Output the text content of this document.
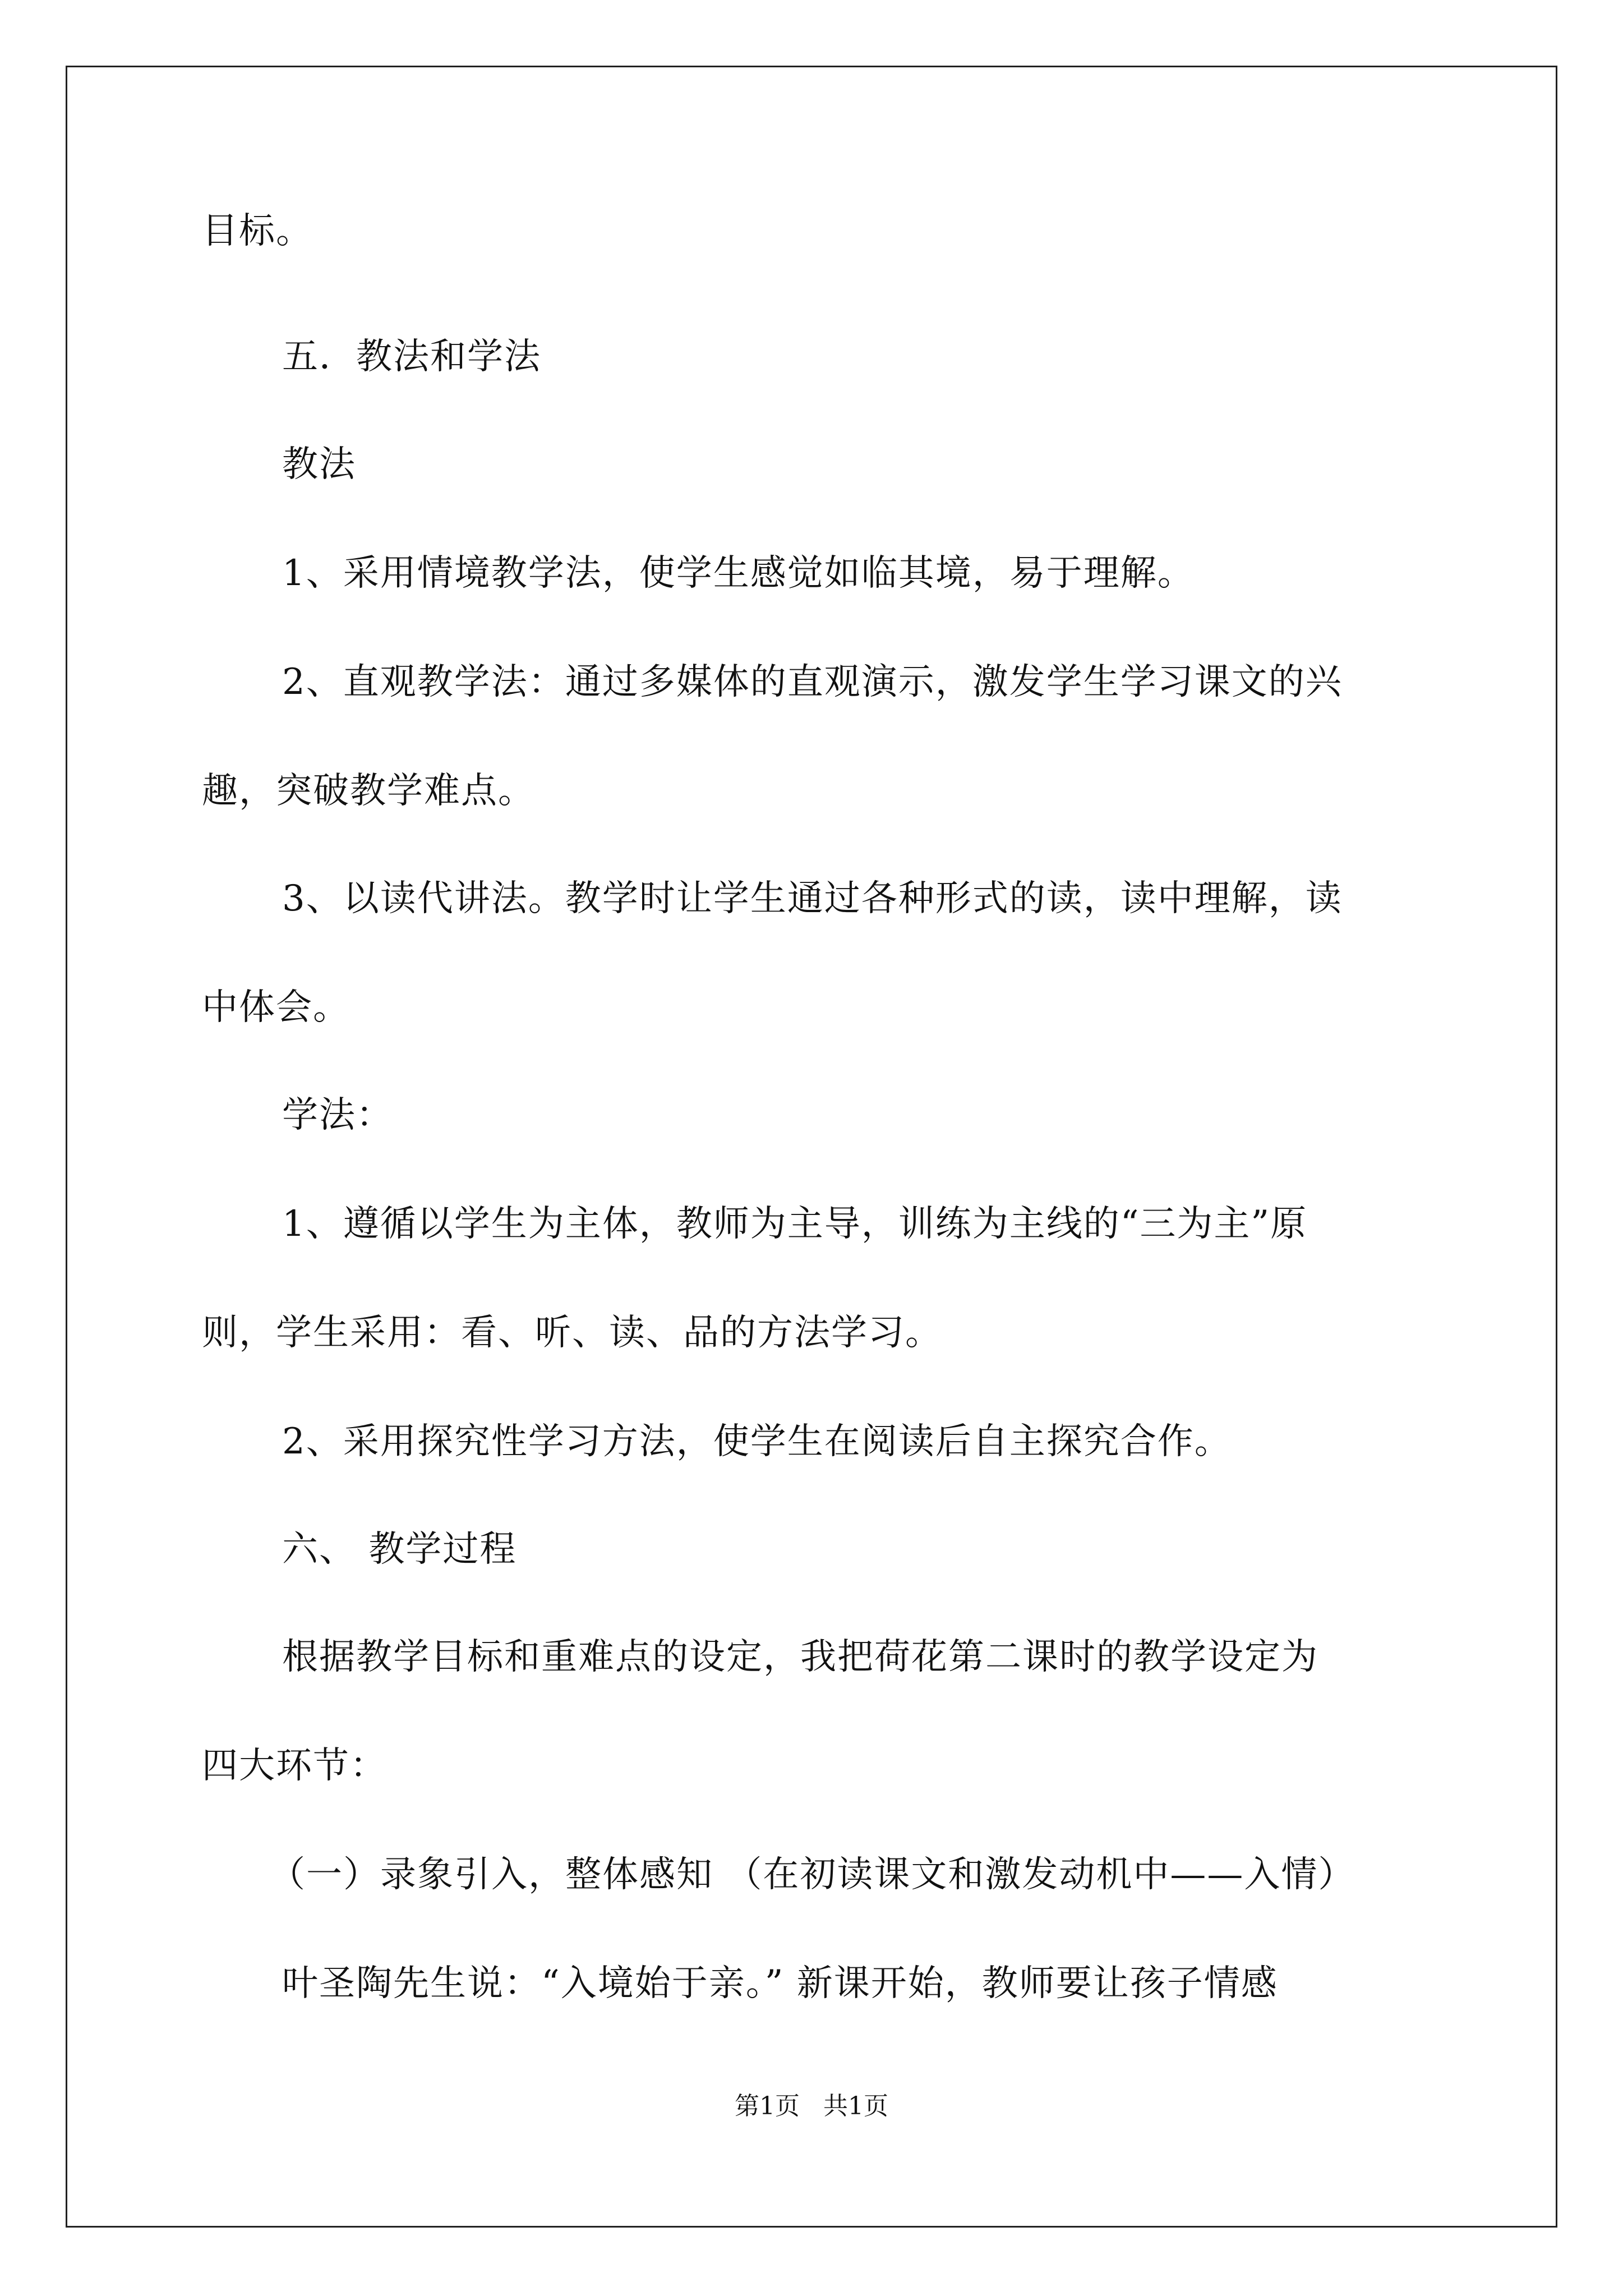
目标。
五．教法和学法
教法
1、采用情境教学法，使学生感觉如临其境，易于理解。
2、直观教学法：通过多媒体的直观演示，激发学生学习课文的兴
趣，突破教学难点。
3、以读代讲法。教学时让学生通过各种形式的读，读中理解，读
中体会。
学法：
1、遵循以学生为主体，教师为主导，训练为主线的“三为主”原
则，学生采用：看、听、读、品的方法学习。
2、采用探究性学习方法，使学生在阅读后自主探究合作。
六、 教学过程
根据教学目标和重难点的设定，我把荷花第二课时的教学设定为
四大环节：
（一）录象引入，整体感知 （在初读课文和激发动机中——入情）
叶圣陶先生说：“入境始于亲。” 新课开始，教师要让孩子情感
第1页   共1页
